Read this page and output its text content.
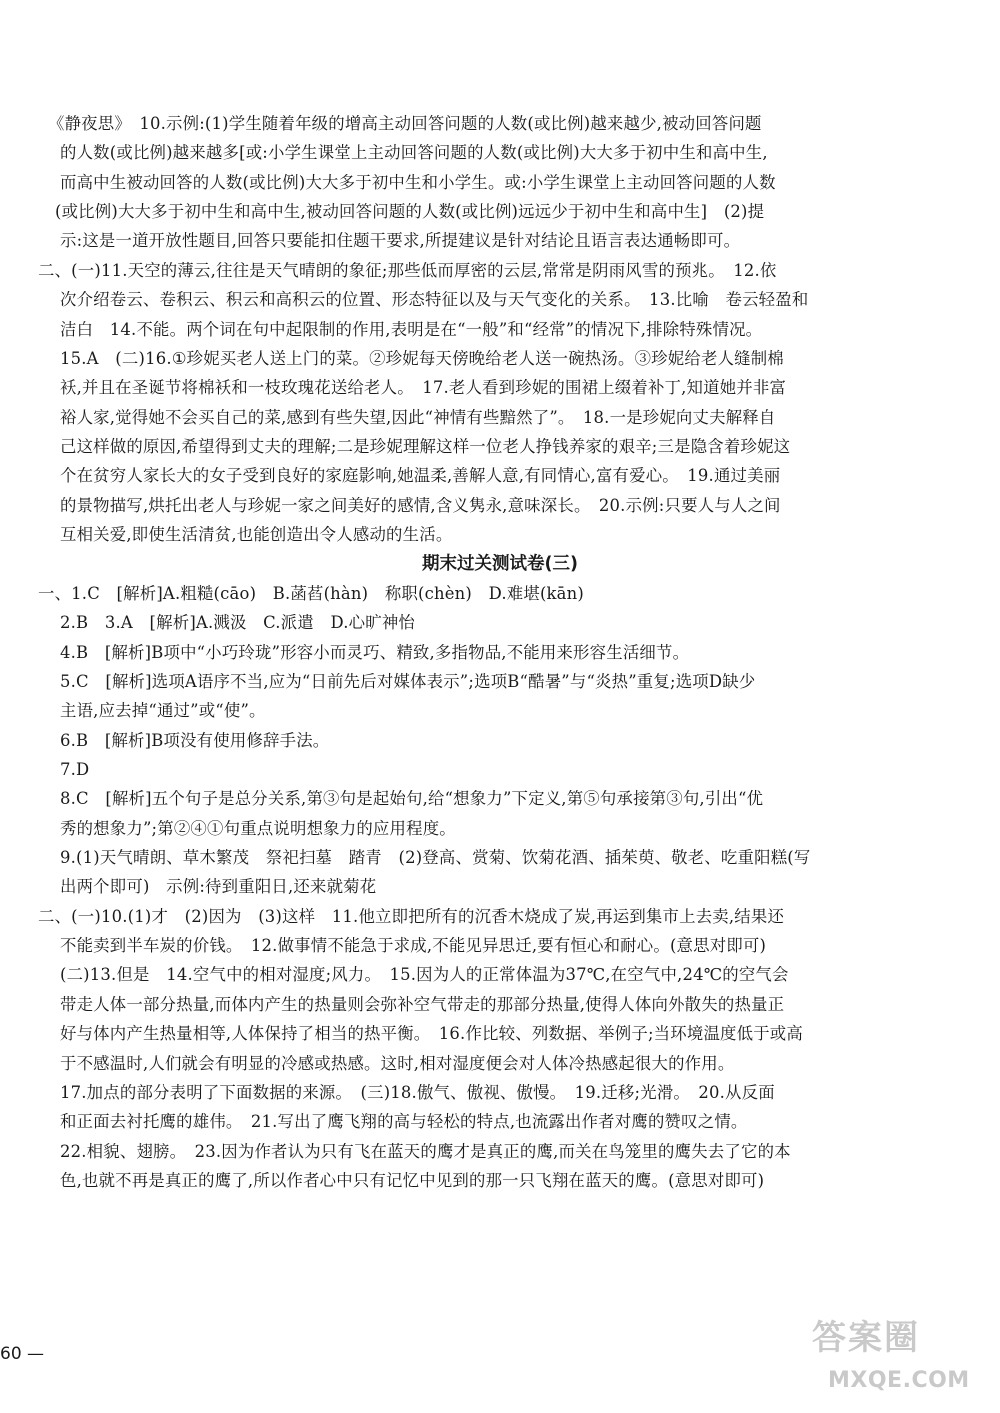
《静夜思》　10.示例:(1)学生随着年级的增高主动回答问题的人数(或比例)越来越少,被动回答问题
的人数(或比例)越来越多[或:小学生课堂上主动回答问题的人数(或比例)大大多于初中生和高中生,
而高中生被动回答的人数(或比例)大大多于初中生和小学生。或:小学生课堂上主动回答问题的人数
(或比例)大大多于初中生和高中生,被动回答问题的人数(或比例)远远少于初中生和高中生]　(2)提
示:这是一道开放性题目,回答只要能扣住题干要求,所提建议是针对结论且语言表达通畅即可。
二、(一)11.天空的薄云,往往是天气晴朗的象征;那些低而厚密的云层,常常是阴雨风雪的预兆。　12.依
次介绍卷云、卷积云、积云和高积云的位置、形态特征以及与天气变化的关系。　13.比喻　卷云轻盈和
洁白　14.不能。两个词在句中起限制的作用,表明是在“一般”和“经常”的情况下,排除特殊情况。
15.A　(二)16.①珍妮买老人送上门的菜。②珍妮每天傍晚给老人送一碗热汤。③珍妮给老人缝制棉
袄,并且在圣诞节将棉袄和一枝玫瑰花送给老人。　17.老人看到珍妮的围裙上缀着补丁,知道她并非富
裕人家,觉得她不会买自己的菜,感到有些失望,因此“神情有些黯然了”。　18.一是珍妮向丈夫解释自
己这样做的原因,希望得到丈夫的理解;二是珍妮理解这样一位老人挣钱养家的艰辛;三是隐含着珍妮这
个在贫穷人家长大的女子受到良好的家庭影响,她温柔,善解人意,有同情心,富有爱心。　19.通过美丽
的景物描写,烘托出老人与珍妮一家之间美好的感情,含义隽永,意味深长。　20.示例:只要人与人之间
互相关爱,即使生活清贫,也能创造出令人感动的生活。
期末过关测试卷(三)
一、1.C　[解析]A.粗糙(cāo)　B.菡萏(hàn)　称职(chèn)　D.难堪(kān)
2.B　3.A　[解析]A.溅汲　C.派遣　D.心旷神怡
4.B　[解析]B项中“小巧玲珑”形容小而灵巧、精致,多指物品,不能用来形容生活细节。
5.C　[解析]选项A语序不当,应为“日前先后对媒体表示”;选项B“酷暑”与“炎热”重复;选项D缺少
主语,应去掉“通过”或“使”。
6.B　[解析]B项没有使用修辞手法。
7.D
8.C　[解析]五个句子是总分关系,第③句是起始句,给“想象力”下定义,第⑤句承接第③句,引出“优
秀的想象力”;第②④①句重点说明想象力的应用程度。
9.(1)天气晴朗、草木繁茂　祭祀扫墓　踏青　(2)登高、赏菊、饮菊花酒、插茱萸、敬老、吃重阳糕(写
出两个即可)　示例:待到重阳日,还来就菊花
二、(一)10.(1)才　(2)因为　(3)这样　11.他立即把所有的沉香木烧成了炭,再运到集市上去卖,结果还
不能卖到半车炭的价钱。　12.做事情不能急于求成,不能见异思迁,要有恒心和耐心。(意思对即可)
(二)13.但是　14.空气中的相对湿度;风力。　15.因为人的正常体温为37℃,在空气中,24℃的空气会
带走人体一部分热量,而体内产生的热量则会弥补空气带走的那部分热量,使得人体向外散失的热量正
好与体内产生热量相等,人体保持了相当的热平衡。　16.作比较、列数据、举例子;当环境温度低于或高
于不感温时,人们就会有明显的冷感或热感。这时,相对湿度便会对人体冷热感起很大的作用。
17.加点的部分表明了下面数据的来源。　(三)18.傲气、傲视、傲慢。　19.迁移;光滑。　20.从反面
和正面去衬托鹰的雄伟。　21.写出了鹰飞翔的高与轻松的特点,也流露出作者对鹰的赞叹之情。
22.相貌、翅膀。　23.因为作者认为只有飞在蓝天的鹰才是真正的鹰,而关在鸟笼里的鹰失去了它的本
色,也就不再是真正的鹰了,所以作者心中只有记忆中见到的那一只飞翔在蓝天的鹰。(意思对即可)
60 —	答案圈
MXQE.COM
